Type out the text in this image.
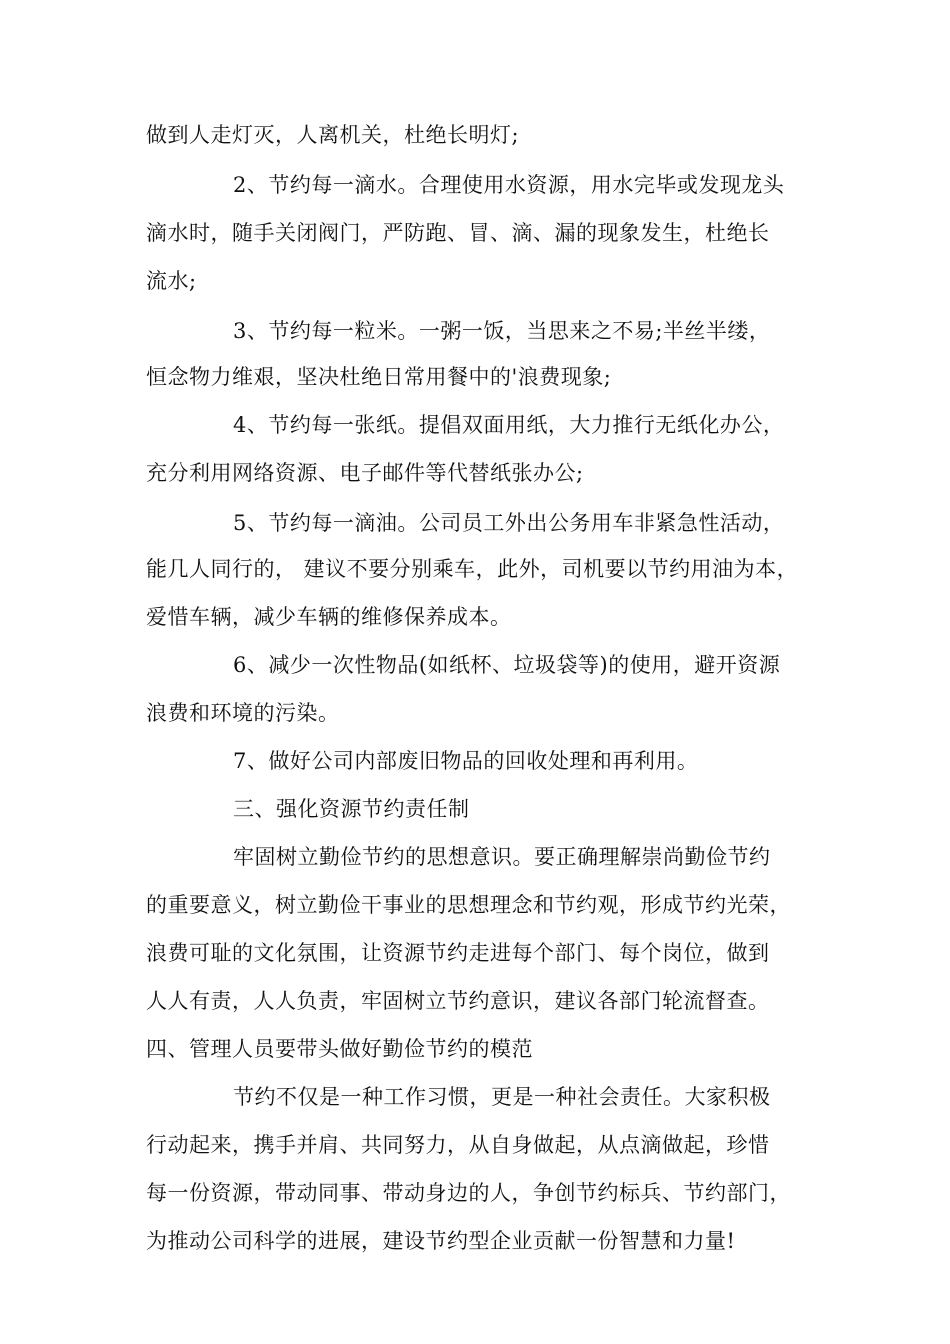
做到人走灯灭，人离机关，杜绝长明灯;
2、节约每一滴水。合理使用水资源，用水完毕或发现龙头
滴水时，随手关闭阀门，严防跑、冒、滴、漏的现象发生，杜绝长
流水;
3、节约每一粒米。一粥一饭，当思来之不易;半丝半缕，
恒念物力维艰，坚决杜绝日常用餐中的'浪费现象;
4、节约每一张纸。提倡双面用纸，大力推行无纸化办公，
充分利用网络资源、电子邮件等代替纸张办公;
5、节约每一滴油。公司员工外出公务用车非紧急性活动，
能几人同行的， 建议不要分别乘车，此外，司机要以节约用油为本，
爱惜车辆，减少车辆的维修保养成本。
6、减少一次性物品(如纸杯、垃圾袋等)的使用，避开资源
浪费和环境的污染。
7、做好公司内部废旧物品的回收处理和再利用。
三、强化资源节约责任制
牢固树立勤俭节约的思想意识。要正确理解崇尚勤俭节约
的重要意义，树立勤俭干事业的思想理念和节约观，形成节约光荣，
浪费可耻的文化氛围，让资源节约走进每个部门、每个岗位，做到
人人有责，人人负责，牢固树立节约意识，建议各部门轮流督查。
四、管理人员要带头做好勤俭节约的模范
节约不仅是一种工作习惯，更是一种社会责任。大家积极
行动起来，携手并肩、共同努力，从自身做起，从点滴做起，珍惜
每一份资源，带动同事、带动身边的人，争创节约标兵、节约部门，
为推动公司科学的进展，建设节约型企业贡献一份智慧和力量!
